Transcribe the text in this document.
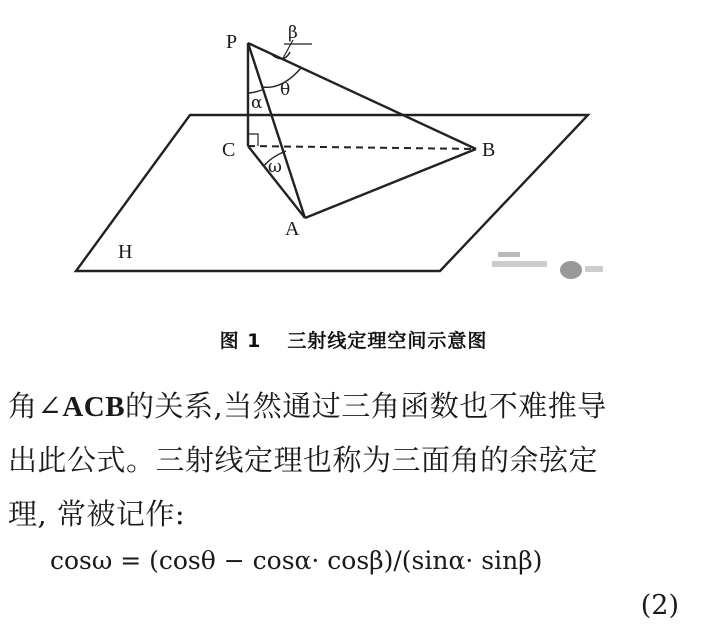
P
C
A
B
H
β
θ
α
ω
图 1 三射线定理空间示意图
角∠ACB的关系,当然通过三角函数也不难推导
出此公式。三射线定理也称为三面角的余弦定
理, 常被记作:
cosω = (cosθ − cosα· cosβ)/(sinα· sinβ)
(2)
